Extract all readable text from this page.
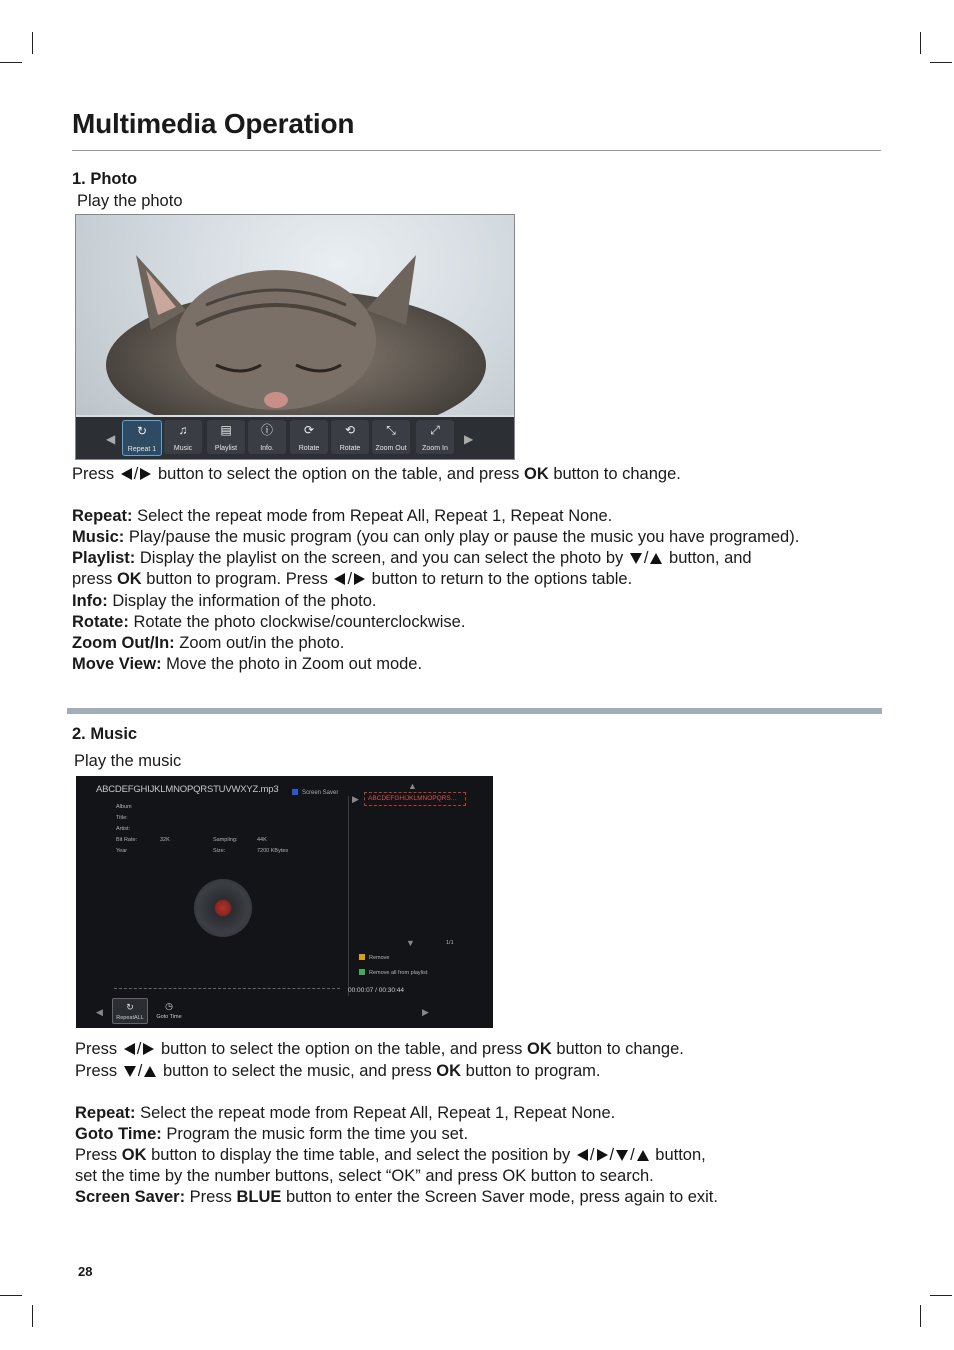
Multimedia Operation
1. Photo
Play the photo
◀
↻
Repeat 1
♫
Music
▤
Playlist
ⓘ
Info.
⟳
Rotate
⟲
Rotate
⤡
Zoom Out
⤢
Zoom In
▶
Press / button to select the option on the table, and press OK button to change.
Repeat: Select the repeat mode from Repeat All, Repeat 1, Repeat None.
Music: Play/pause the music program (you can only play or pause the music you have programed).
Playlist: Display the playlist on the screen, and you can select the photo by / button, and
press OK button to program. Press / button to return to the options table.
Info: Display the information of the photo.
Rotate: Rotate the photo clockwise/counterclockwise.
Zoom Out/In: Zoom out/in the photo.
Move View: Move the photo in Zoom out mode.
2. Music
Play the music
ABCDEFGHIJKLMNOPQRSTUVWXYZ.mp3	Screen Saver
▲
▶ ABCDEFGHIJKLMNOPQRS...
Album
Title:
Artist:
Bit Rate:	32K	Sampling:	44K
Year	Size:	7200 KBytes
▼	1/1
Remove
Remove all from playlist
00:00:07 / 00:30:44
◀	↻
RepeatALL
◷
Goto Time	▶
Press / button to select the option on the table, and press OK button to change.
Press / button to select the music, and press OK button to program.
Repeat: Select the repeat mode from Repeat All, Repeat 1, Repeat None.
Goto Time: Program the music form the time you set.
Press OK button to display the time table, and select the position by / / / button,
set the time by the number buttons, select “OK” and press OK button to search.
Screen Saver: Press BLUE button to enter the Screen Saver mode, press again to exit.
28
